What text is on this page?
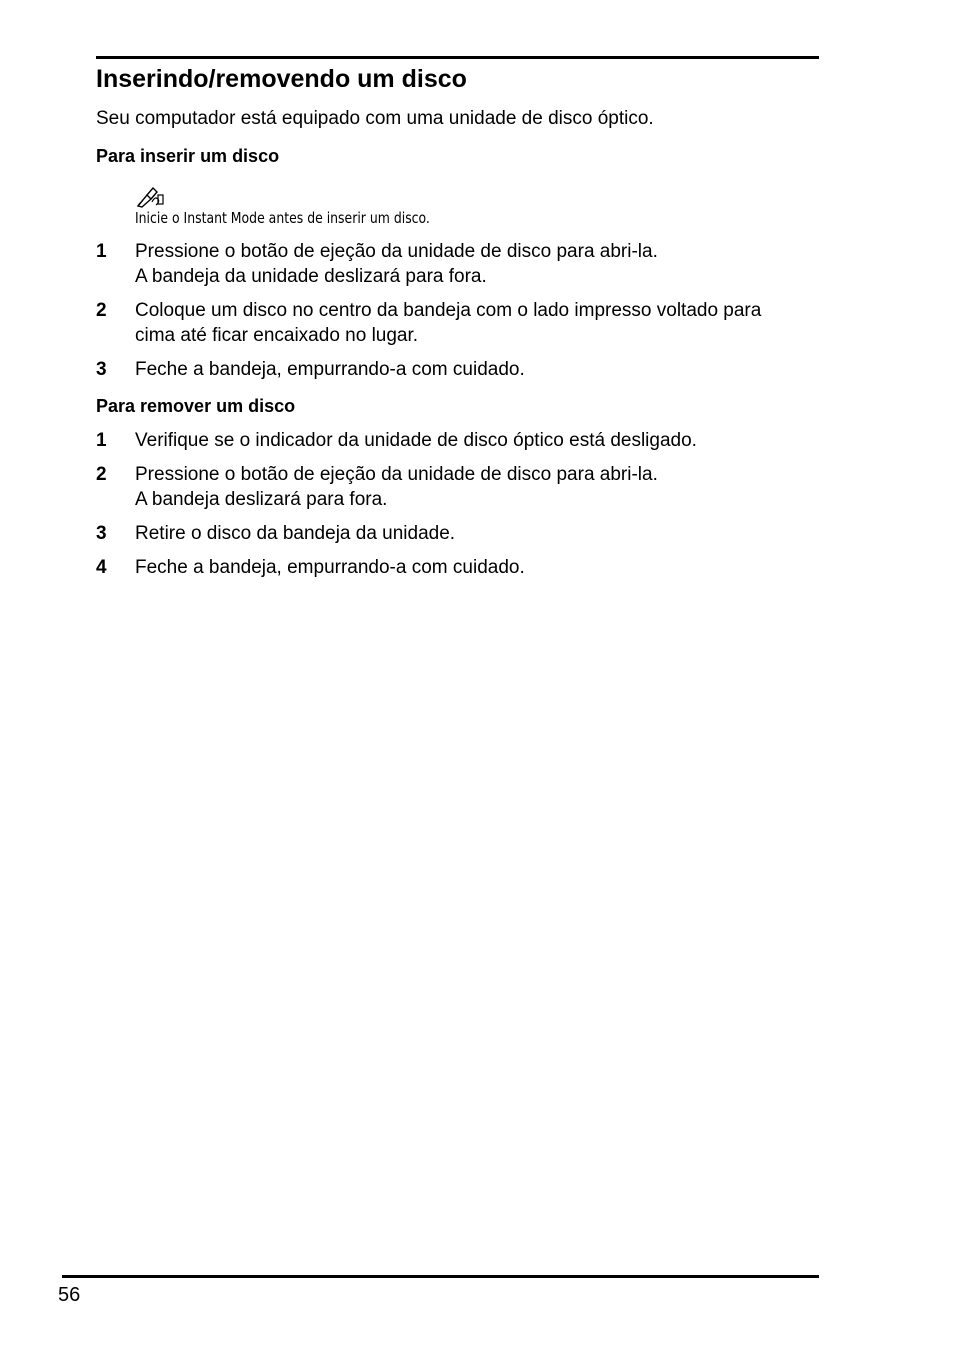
Inserindo/removendo um disco
Seu computador está equipado com uma unidade de disco óptico.
Para inserir um disco
Inicie o Instant Mode antes de inserir um disco.
1 Pressione o botão de ejeção da unidade de disco para abri-la.
A bandeja da unidade deslizará para fora.
2 Coloque um disco no centro da bandeja com o lado impresso voltado para
cima até ficar encaixado no lugar.
3 Feche a bandeja, empurrando-a com cuidado.
Para remover um disco
1 Verifique se o indicador da unidade de disco óptico está desligado.
2 Pressione o botão de ejeção da unidade de disco para abri-la.
A bandeja deslizará para fora.
3 Retire o disco da bandeja da unidade.
4 Feche a bandeja, empurrando-a com cuidado.
56
